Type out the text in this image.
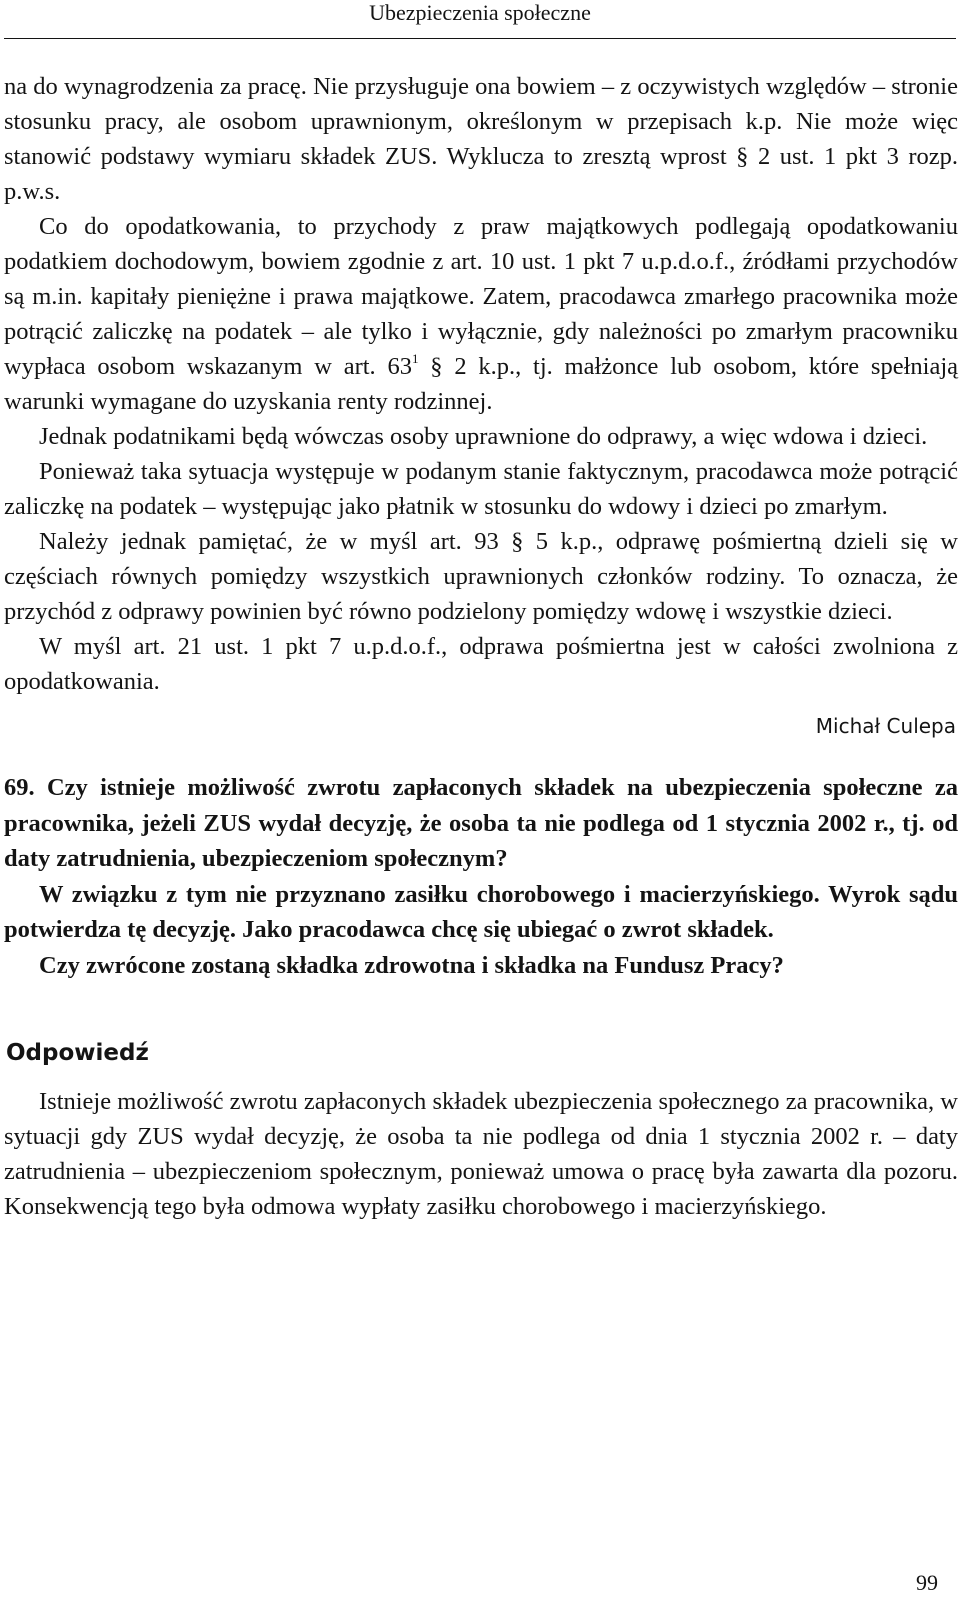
Ubezpieczenia społeczne

na do wynagrodzenia za pracę. Nie przysługuje ona bowiem – z oczywistych względów – stronie stosunku pracy, ale osobom uprawnionym, określonym w przepisach k.p. Nie może więc stanowić podstawy wymiaru składek ZUS. Wyklucza to zresztą wprost § 2 ust. 1 pkt 3 rozp. p.w.s.

Co do opodatkowania, to przychody z praw majątkowych podlegają opodatkowaniu podatkiem dochodowym, bowiem zgodnie z art. 10 ust. 1 pkt 7 u.p.d.o.f., źródłami przychodów są m.in. kapitały pieniężne i prawa majątkowe. Zatem, pracodawca zmarłego pracownika może potrącić zaliczkę na podatek – ale tylko i wyłącznie, gdy należności po zmarłym pracowniku wypłaca osobom wskazanym w art. $63^1$ § 2 k.p., tj. małżonce lub osobom, które spełniają warunki wymagane do uzyskania renty rodzinnej.

Jednak podatnikami będą wówczas osoby uprawnione do odprawy, a więc wdowa i dzieci.

Ponieważ taka sytuacja występuje w podanym stanie faktycznym, pracodawca może potrącić zaliczkę na podatek – występując jako płatnik w stosunku do wdowy i dzieci po zmarłym.

Należy jednak pamiętać, że w myśl art. 93 § 5 k.p., odprawę pośmiertną dzieli się w częściach równych pomiędzy wszystkich uprawnionych członków rodziny. To oznacza, że przychód z odprawy powinien być równo podzielony pomiędzy wdowę i wszystkie dzieci.

W myśl art. 21 ust. 1 pkt 7 u.p.d.o.f., odprawa pośmiertna jest w całości zwolniona z opodatkowania.

Michał Culepa

69. Czy istnieje możliwość zwrotu zapłaconych składek na ubezpieczenia społeczne za pracownika, jeżeli ZUS wydał decyzję, że osoba ta nie podlega od 1 stycznia 2002 r., tj. od daty zatrudnienia, ubezpieczeniom społecznym?

W związku z tym nie przyznano zasiłku chorobowego i macierzyńskiego. Wyrok sądu potwierdza tę decyzję. Jako pracodawca chcę się ubiegać o zwrot składek.

Czy zwrócone zostaną składka zdrowotna i składka na Fundusz Pracy?

Odpowiedź

Istnieje możliwość zwrotu zapłaconych składek ubezpieczenia społecznego za pracownika, w sytuacji gdy ZUS wydał decyzję, że osoba ta nie podlega od dnia 1 stycznia 2002 r. – daty zatrudnienia – ubezpieczeniom społecznym, ponieważ umowa o pracę była zawarta dla pozoru. Konsekwencją tego była odmowa wypłaty zasiłku chorobowego i macierzyńskiego.

99
